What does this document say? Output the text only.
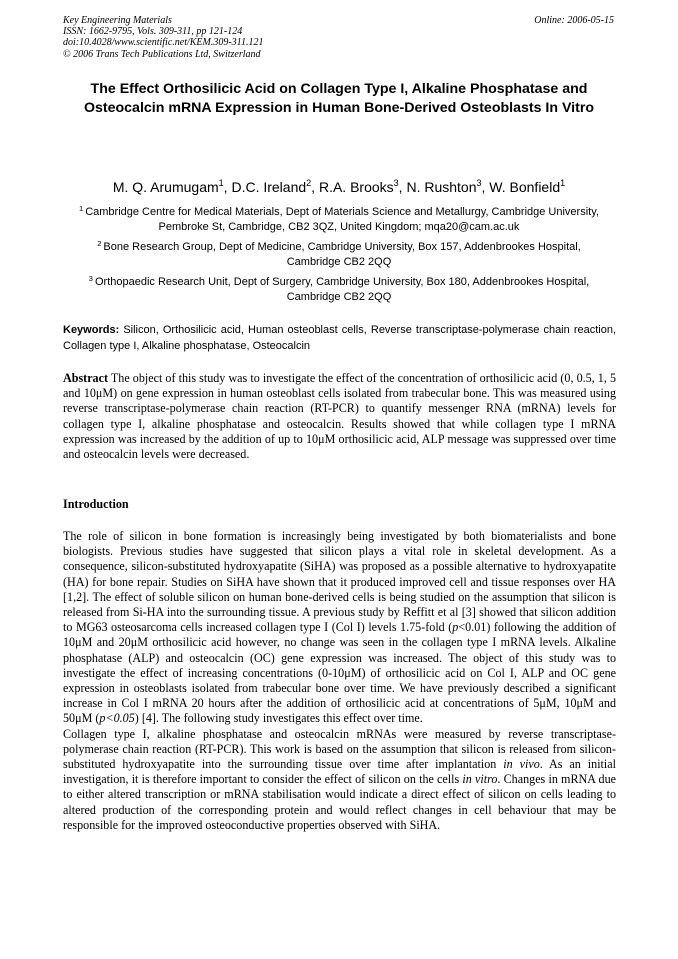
Key Engineering Materials
ISSN: 1662-9795, Vols. 309-311, pp 121-124
doi:10.4028/www.scientific.net/KEM.309-311.121
© 2006 Trans Tech Publications Ltd, Switzerland
Online: 2006-05-15
The Effect Orthosilicic Acid on Collagen Type I, Alkaline Phosphatase and Osteocalcin mRNA Expression in Human Bone-Derived Osteoblasts In Vitro
M. Q. Arumugam$^1$, D.C. Ireland$^2$, R.A. Brooks$^3$, N. Rushton$^3$, W. Bonfield$^1$
$^1$ Cambridge Centre for Medical Materials, Dept of Materials Science and Metallurgy, Cambridge University, Pembroke St, Cambridge, CB2 3QZ, United Kingdom; mqa20@cam.ac.uk
$^2$ Bone Research Group, Dept of Medicine, Cambridge University, Box 157, Addenbrookes Hospital, Cambridge CB2 2QQ
$^3$ Orthopaedic Research Unit, Dept of Surgery, Cambridge University, Box 180, Addenbrookes Hospital, Cambridge CB2 2QQ
Keywords: Silicon, Orthosilicic acid, Human osteoblast cells, Reverse transcriptase-polymerase chain reaction, Collagen type I, Alkaline phosphatase, Osteocalcin
Abstract The object of this study was to investigate the effect of the concentration of orthosilicic acid (0, 0.5, 1, 5 and 10μM) on gene expression in human osteoblast cells isolated from trabecular bone. This was measured using reverse transcriptase-polymerase chain reaction (RT-PCR) to quantify messenger RNA (mRNA) levels for collagen type I, alkaline phosphatase and osteocalcin. Results showed that while collagen type I mRNA expression was increased by the addition of up to 10μM orthosilicic acid, ALP message was suppressed over time and osteocalcin levels were decreased.
Introduction

The role of silicon in bone formation is increasingly being investigated by both biomaterialists and bone biologists. Previous studies have suggested that silicon plays a vital role in skeletal development. As a consequence, silicon-substituted hydroxyapatite (SiHA) was proposed as a possible alternative to hydroxyapatite (HA) for bone repair. Studies on SiHA have shown that it produced improved cell and tissue responses over HA [1,2]. The effect of soluble silicon on human bone-derived cells is being studied on the assumption that silicon is released from Si-HA into the surrounding tissue. A previous study by Reffitt et al [3] showed that silicon addition to MG63 osteosarcoma cells increased collagen type I (Col I) levels 1.75-fold (p<0.01) following the addition of 10μM and 20μM orthosilicic acid however, no change was seen in the collagen type I mRNA levels. Alkaline phosphatase (ALP) and osteocalcin (OC) gene expression was increased. The object of this study was to investigate the effect of increasing concentrations (0-10μM) of orthosilicic acid on Col I, ALP and OC gene expression in osteoblasts isolated from trabecular bone over time. We have previously described a significant increase in Col I mRNA 20 hours after the addition of orthosilicic acid at concentrations of 5μM, 10μM and 50μM (p<0.05) [4]. The following study investigates this effect over time.

Collagen type I, alkaline phosphatase and osteocalcin mRNAs were measured by reverse transcriptase-polymerase chain reaction (RT-PCR). This work is based on the assumption that silicon is released from silicon-substituted hydroxyapatite into the surrounding tissue over time after implantation in vivo. As an initial investigation, it is therefore important to consider the effect of silicon on the cells in vitro. Changes in mRNA due to either altered transcription or mRNA stabilisation would indicate a direct effect of silicon on cells leading to altered production of the corresponding protein and would reflect changes in cell behaviour that may be responsible for the improved osteoconductive properties observed with SiHA.
